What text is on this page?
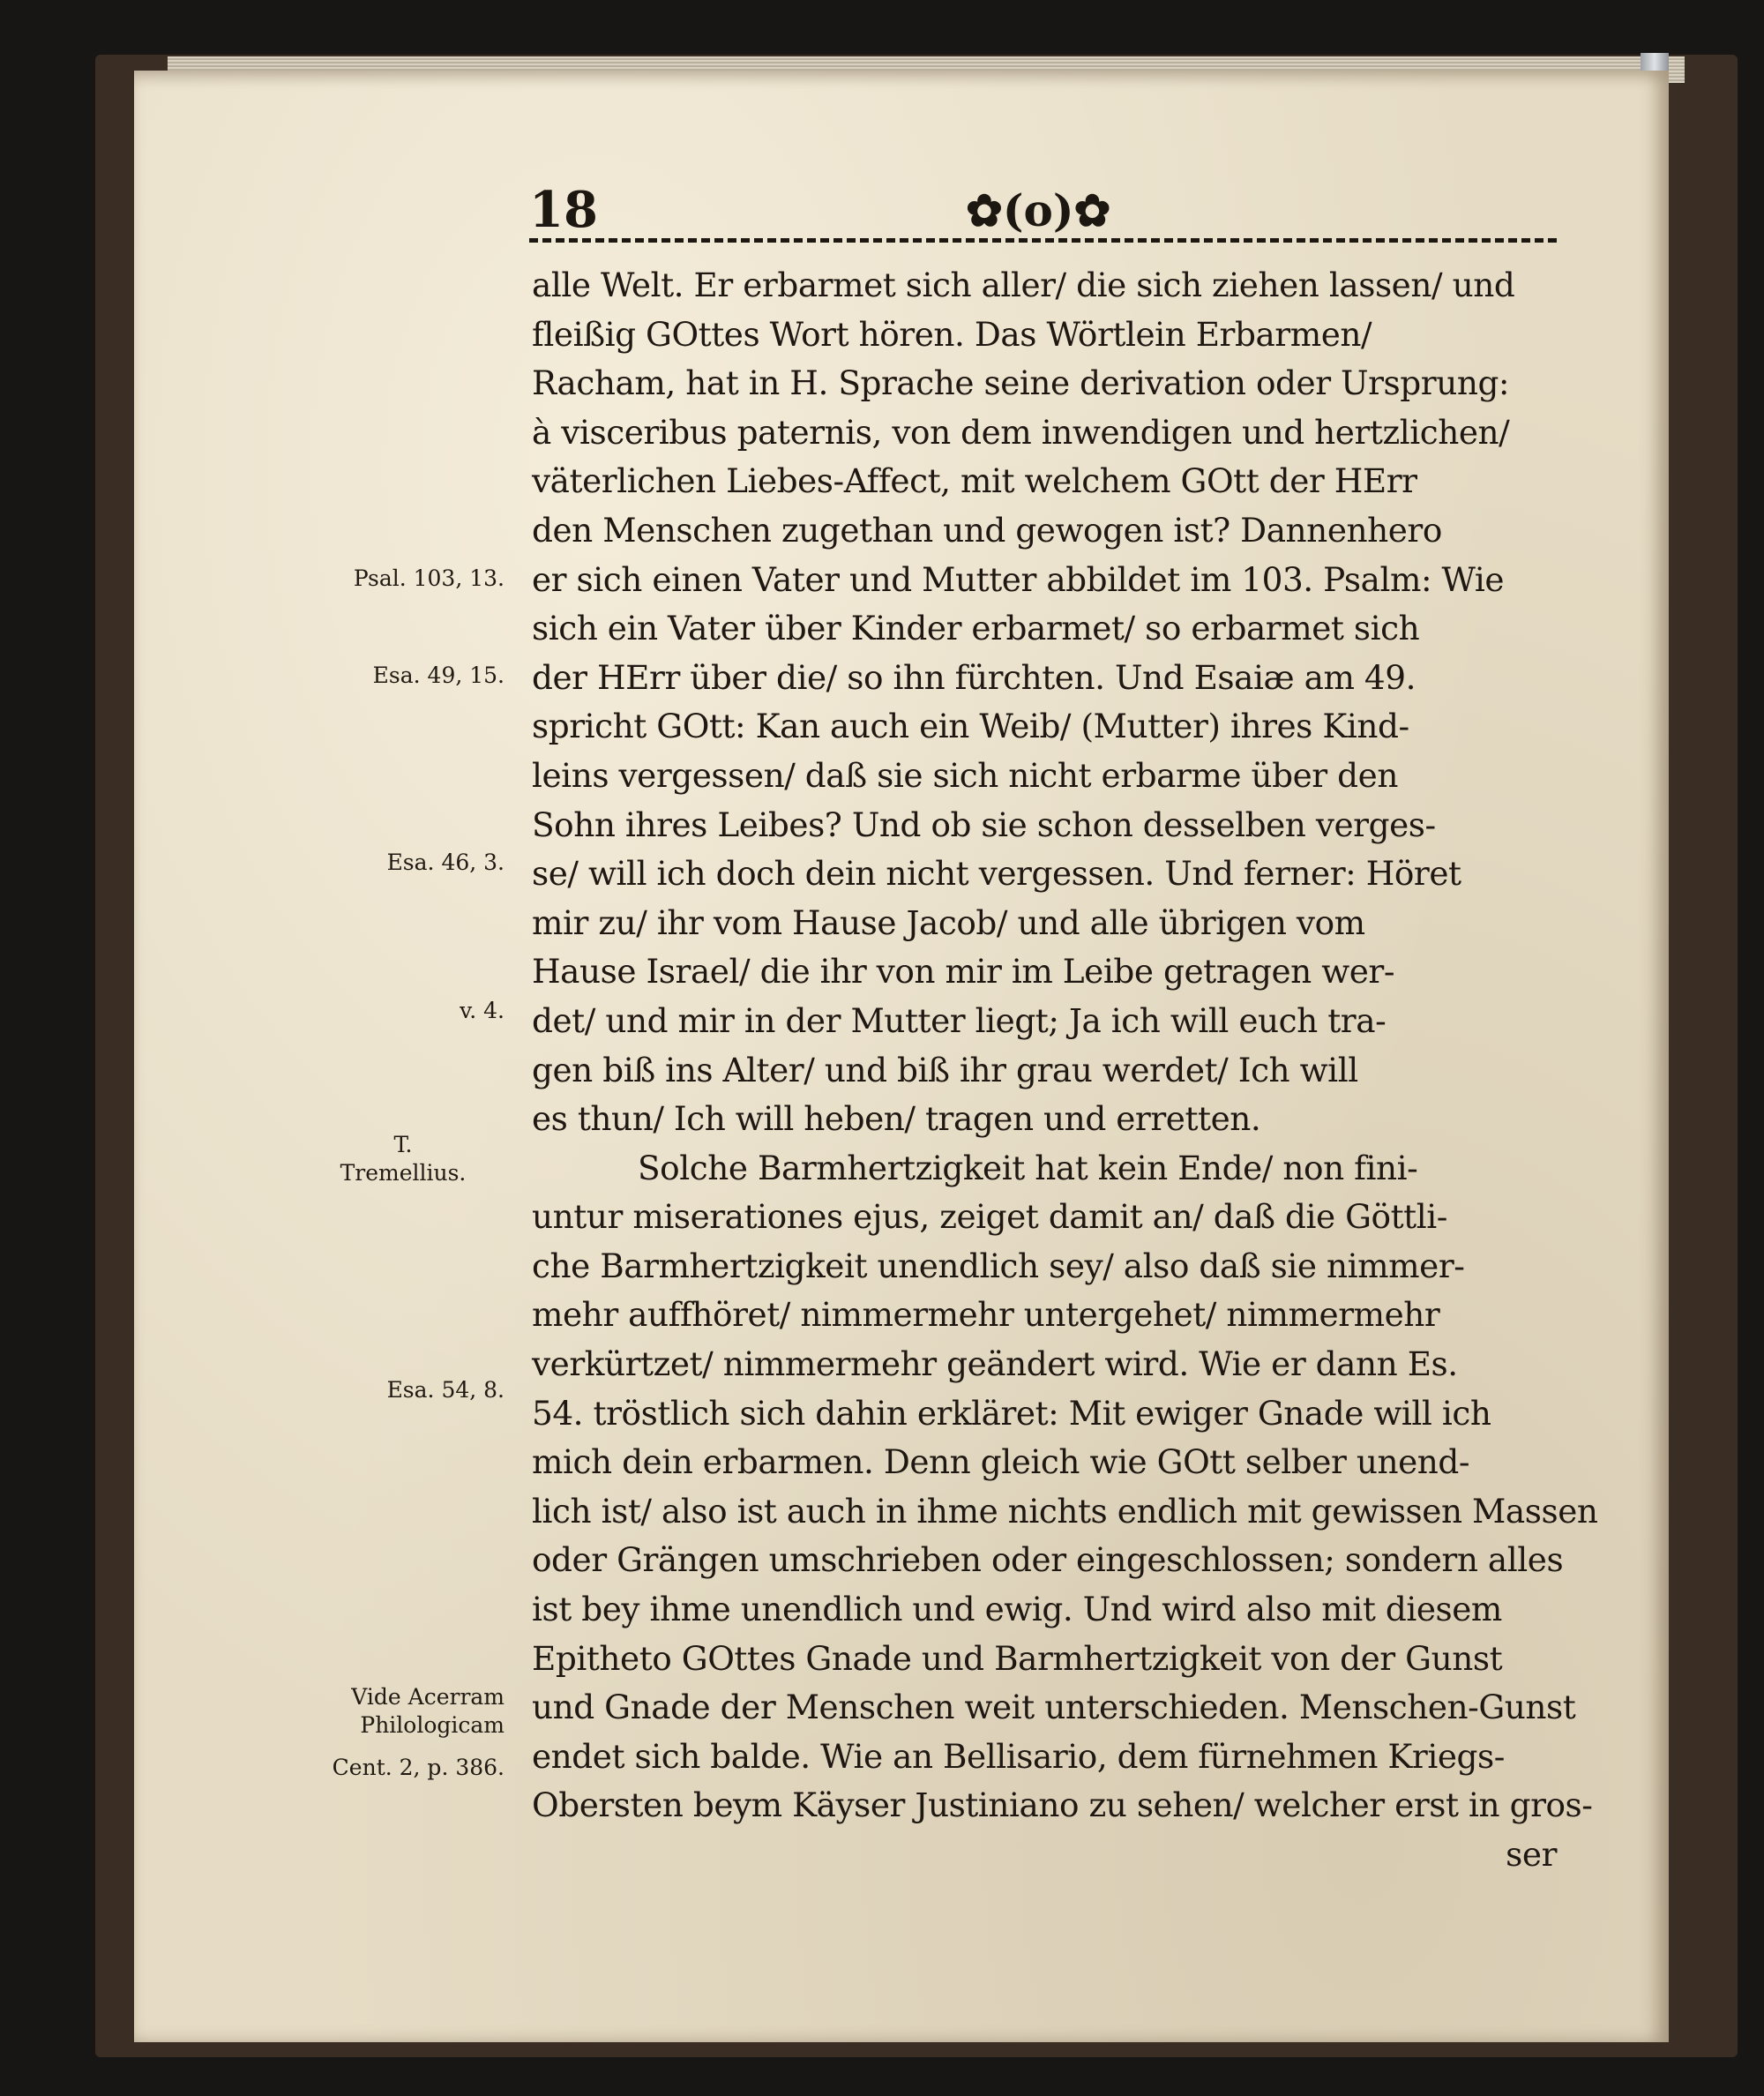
18	✿(o)✿
alle Welt. Er erbarmet sich aller/ die sich ziehen lassen/ und
fleißig GOttes Wort hören. Das Wörtlein Erbarmen/
Racham, hat in H. Sprache seine derivation oder Ursprung:
à visceribus paternis, von dem inwendigen und hertzlichen/
väterlichen Liebes-Affect, mit welchem GOtt der HErr
den Menschen zugethan und gewogen ist? Dannenhero
er sich einen Vater und Mutter abbildet im 103. Psalm: Wie
sich ein Vater über Kinder erbarmet/ so erbarmet sich
der HErr über die/ so ihn fürchten. Und Esaiæ am 49.
spricht GOtt: Kan auch ein Weib/ (Mutter) ihres Kind-
leins vergessen/ daß sie sich nicht erbarme über den
Sohn ihres Leibes? Und ob sie schon desselben verges-
se/ will ich doch dein nicht vergessen. Und ferner: Höret
mir zu/ ihr vom Hause Jacob/ und alle übrigen vom
Hause Israel/ die ihr von mir im Leibe getragen wer-
det/ und mir in der Mutter liegt; Ja ich will euch tra-
gen biß ins Alter/ und biß ihr grau werdet/ Ich will
es thun/ Ich will heben/ tragen und erretten.
Solche Barmhertzigkeit hat kein Ende/ non fini-
untur miserationes ejus, zeiget damit an/ daß die Göttli-
che Barmhertzigkeit unendlich sey/ also daß sie nimmer-
mehr auffhöret/ nimmermehr untergehet/ nimmermehr
verkürtzet/ nimmermehr geändert wird. Wie er dann Es.
54. tröstlich sich dahin erkläret: Mit ewiger Gnade will ich
mich dein erbarmen. Denn gleich wie GOtt selber unend-
lich ist/ also ist auch in ihme nichts endlich mit gewissen Massen
oder Grängen umschrieben oder eingeschlossen; sondern alles
ist bey ihme unendlich und ewig. Und wird also mit diesem
Epitheto GOttes Gnade und Barmhertzigkeit von der Gunst
und Gnade der Menschen weit unterschieden. Menschen-Gunst
endet sich balde. Wie an Bellisario, dem fürnehmen Kriegs-
Obersten beym Käyser Justiniano zu sehen/ welcher erst in gros-
ser
Psal. 103, 13.
Esa. 49, 15.
Esa. 46, 3.
v. 4.
T.
Tremellius.
Esa. 54, 8.
Vide Acerram
Philologicam
Cent. 2, p. 386.
